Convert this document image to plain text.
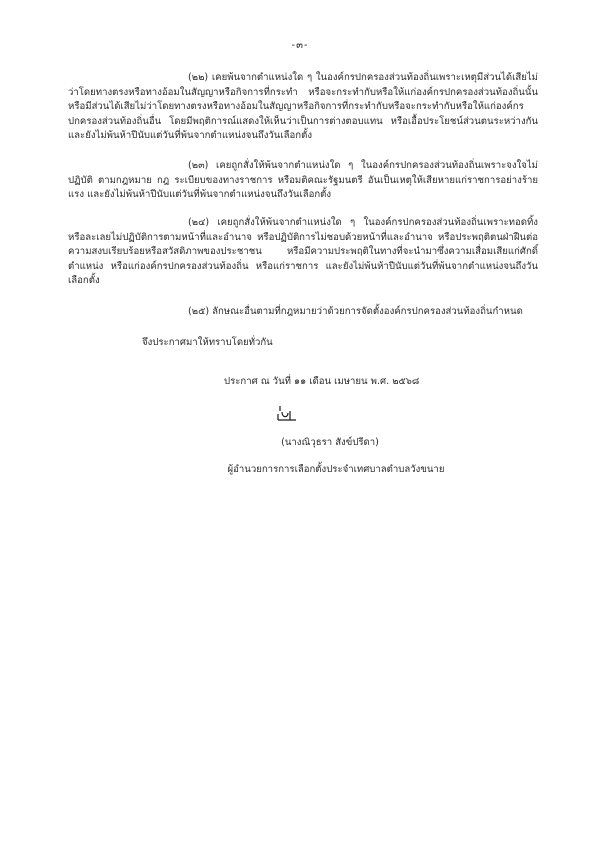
-๓-

(๒๒) เคยพ้นจากตำแหน่งใด ๆ ในองค์กรปกครองส่วนท้องถิ่นเพราะเหตุมีส่วนได้เสียไม่ว่าโดยทางตรงหรือทางอ้อมในสัญญาหรือกิจการที่กระทำ หรือจะกระทำกับหรือให้แก่องค์กรปกครองส่วนท้องถิ่นนั้น หรือมีส่วนได้เสียไม่ว่าโดยทางตรงหรือทางอ้อมในสัญญาหรือกิจการที่กระทำกับหรือจะกระทำกับหรือให้แก่องค์กรปกครองส่วนท้องถิ่นอื่น โดยมีพฤติการณ์แสดงให้เห็นว่าเป็นการต่างตอบแทน หรือเอื้อประโยชน์ส่วนตนระหว่างกัน และยังไม่พ้นห้าปีนับแต่วันที่พ้นจากตำแหน่งจนถึงวันเลือกตั้ง

(๒๓) เคยถูกสั่งให้พ้นจากตำแหน่งใด ๆ ในองค์กรปกครองส่วนท้องถิ่นเพราะจงใจไม่ปฏิบัติ ตามกฎหมาย กฎ ระเบียบของทางราชการ หรือมติคณะรัฐมนตรี อันเป็นเหตุให้เสียหายแก่ราชการอย่างร้ายแรง และยังไม่พ้นห้าปีนับแต่วันที่พ้นจากตำแหน่งจนถึงวันเลือกตั้ง

(๒๔) เคยถูกสั่งให้พ้นจากตำแหน่งใด ๆ ในองค์กรปกครองส่วนท้องถิ่นเพราะทอดทิ้งหรือละเลยไม่ปฏิบัติการตามหน้าที่และอำนาจ หรือปฏิบัติการไม่ชอบด้วยหน้าที่และอำนาจ หรือประพฤติตนฝ่าฝืนต่อความสงบเรียบร้อยหรือสวัสดิภาพของประชาชน หรือมีความประพฤติในทางที่จะนำมาซึ่งความเสื่อมเสียแก่ศักดิ์ตำแหน่ง หรือแก่องค์กรปกครองส่วนท้องถิ่น หรือแก่ราชการ และยังไม่พ้นห้าปีนับแต่วันที่พ้นจากตำแหน่งจนถึงวันเลือกตั้ง

(๒๕) ลักษณะอื่นตามที่กฎหมายว่าด้วยการจัดตั้งองค์กรปกครองส่วนท้องถิ่นกำหนด

จึงประกาศมาให้ทราบโดยทั่วกัน

ประกาศ ณ วันที่ ๑๑ เดือน เมษายน พ.ศ. ๒๕๖๘

(นางณิวุธรา สังข์ปรีดา)

ผู้อำนวยการการเลือกตั้งประจำเทศบาลตำบลวังขนาย
